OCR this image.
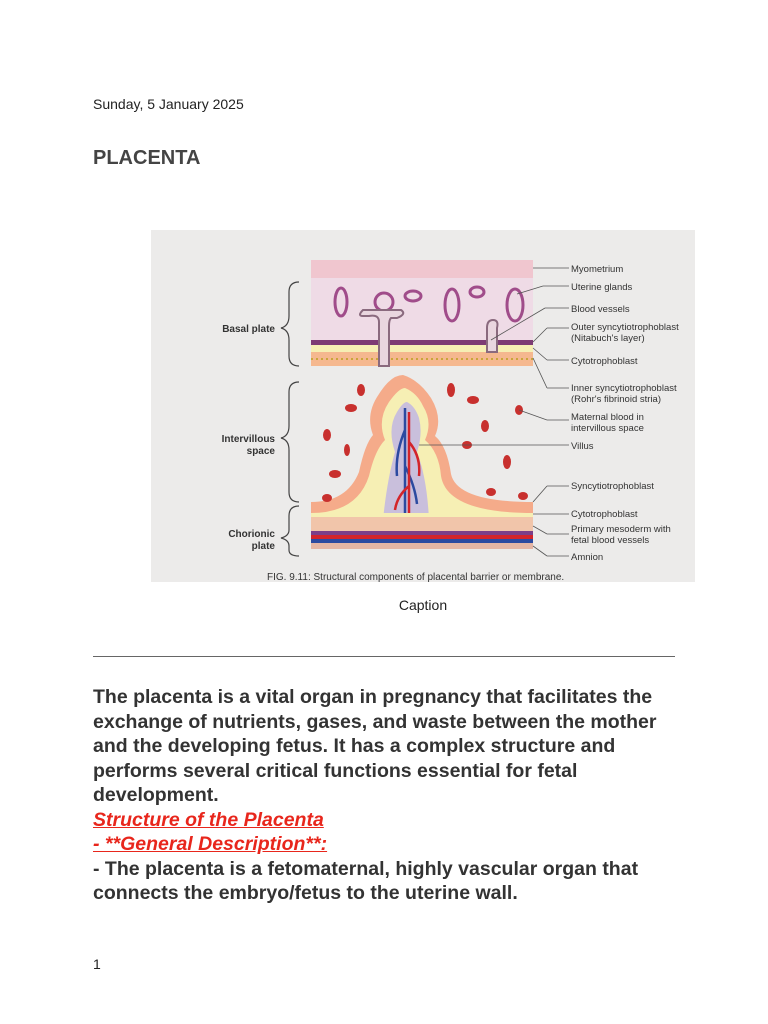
Sunday, 5 January 2025
PLACENTA
Basal plate
Intervillous
space
Chorionic
plate
Myometrium
Uterine glands
Blood vessels
Outer syncytiotrophoblast
(Nitabuch's layer)
Cytotrophoblast
Inner syncytiotrophoblast
(Rohr's fibrinoid stria)
Maternal blood in
intervillous space
Villus
Syncytiotrophoblast
Cytotrophoblast
Primary mesoderm with
fetal blood vessels
Amnion
FIG. 9.11: Structural components of placental barrier or membrane.
Caption

The placenta is a vital organ in pregnancy that facilitates the exchange of nutrients, gases, and waste between the mother and the developing fetus. It has a complex structure and performs several critical functions essential for fetal development.

Structure of the Placenta

- **General Description**:

- The placenta is a fetomaternal, highly vascular organ that connects the embryo/fetus to the uterine wall.

1
